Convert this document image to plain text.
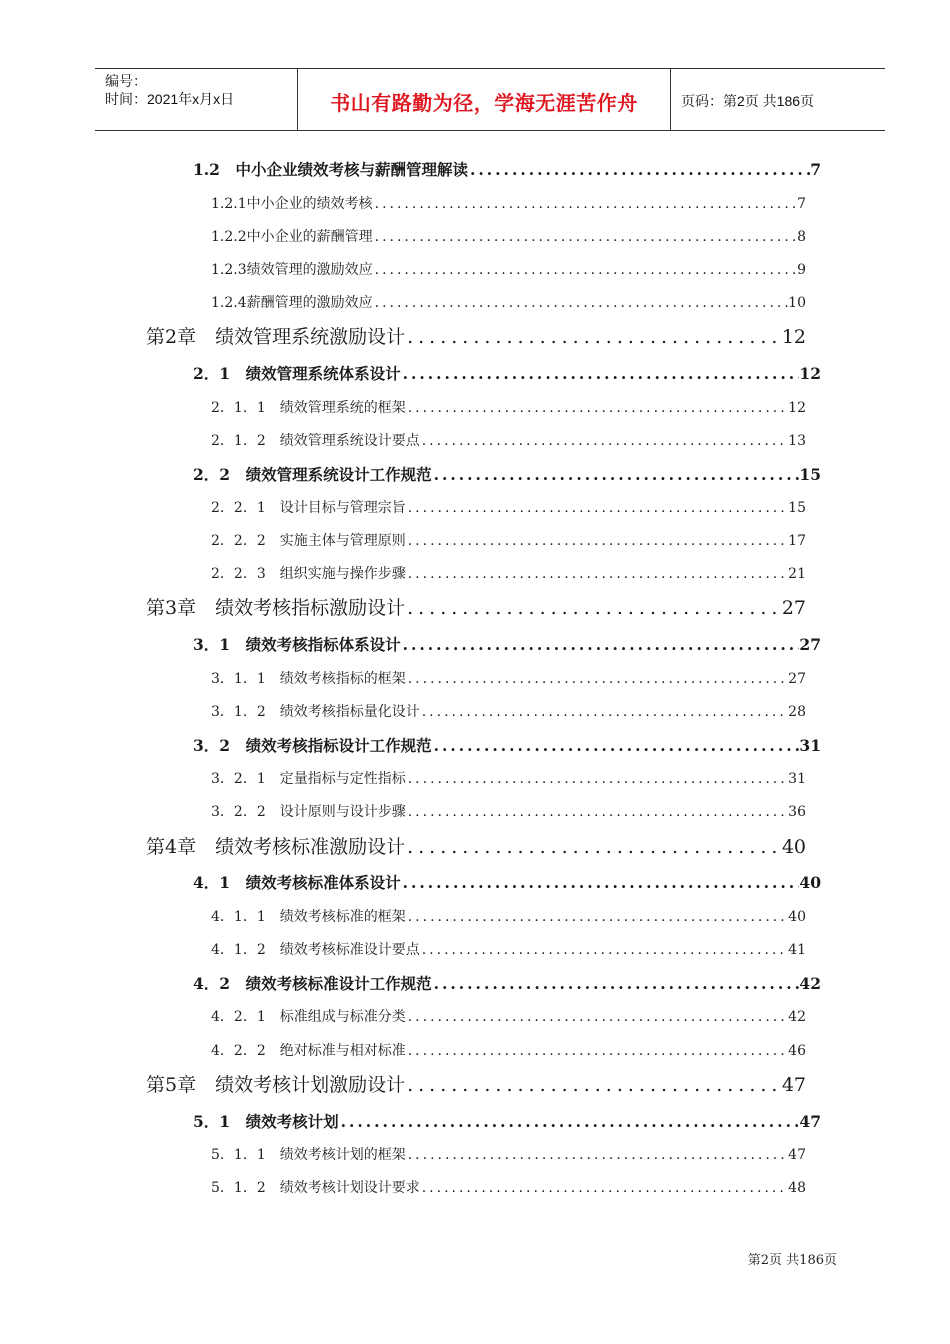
编号：
时间：2021年x月x日	书山有路勤为径，学海无涯苦作舟	页码：第2页 共186页
1.2　中小企业绩效考核与薪酬管理解读 .....	7
1.2.1中小企业的绩效考核 .....	7
1.2.2中小企业的薪酬管理 .....	8
1.2.3绩效管理的激励效应 .....	9
1.2.4薪酬管理的激励效应 .....	10
第2章　绩效管理系统激励设计 .....	12
2．1　绩效管理系统体系设计 .....	12
2．1．1　绩效管理系统的框架 .....	12
2．1．2　绩效管理系统设计要点 .....	13
2．2　绩效管理系统设计工作规范 .....	15
2．2．1　设计目标与管理宗旨 .....	15
2．2．2　实施主体与管理原则 .....	17
2．2．3　组织实施与操作步骤 .....	21
第3章　绩效考核指标激励设计 .....	27
3．1　绩效考核指标体系设计 .....	27
3．1．1　绩效考核指标的框架 .....	27
3．1．2　绩效考核指标量化设计 .....	28
3．2　绩效考核指标设计工作规范 .....	31
3．2．1　定量指标与定性指标 .....	31
3．2．2　设计原则与设计步骤 .....	36
第4章　绩效考核标准激励设计 .....	40
4．1　绩效考核标准体系设计 .....	40
4．1．1　绩效考核标准的框架 .....	40
4．1．2　绩效考核标准设计要点 .....	41
4．2　绩效考核标准设计工作规范 .....	42
4．2．1　标准组成与标准分类 .....	42
4．2．2　绝对标准与相对标准 .....	46
第5章　绩效考核计划激励设计 .....	47
5．1　绩效考核计划 .....	47
5．1．1　绩效考核计划的框架 .....	47
5．1．2　绩效考核计划设计要求 .....	48
第2页 共186页
